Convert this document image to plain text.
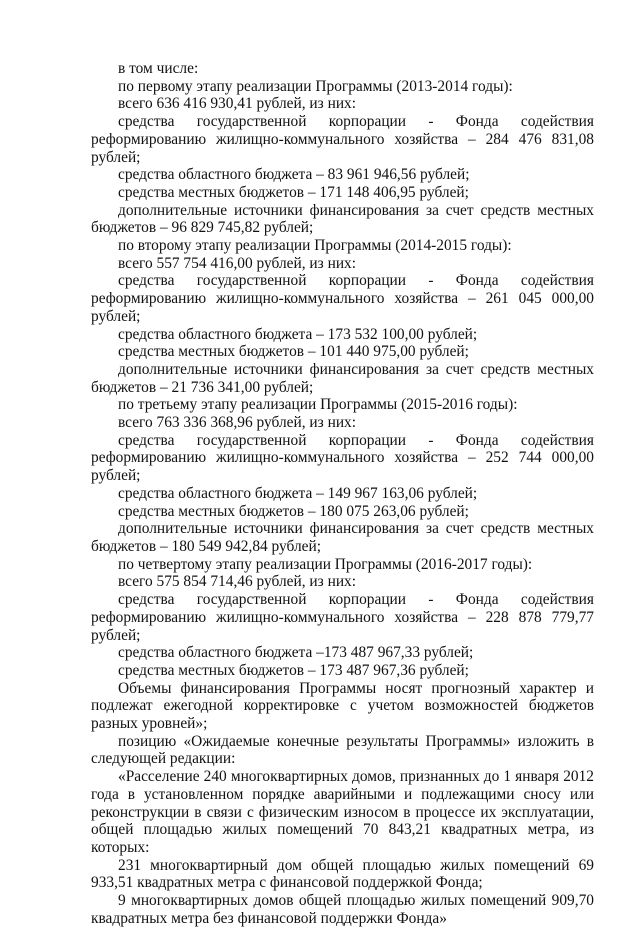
в том числе:

по первому этапу реализации Программы (2013-2014 годы):

всего 636 416 930,41 рублей, из них:

средства государственной корпорации - Фонда содействия реформированию жилищно-коммунального хозяйства – 284 476 831,08 рублей;

средства областного бюджета – 83 961 946,56 рублей;

средства местных бюджетов – 171 148 406,95 рублей;

дополнительные источники финансирования за счет средств местных бюджетов – 96 829 745,82 рублей;

по второму этапу реализации Программы (2014-2015 годы):

всего 557 754 416,00 рублей, из них:

средства государственной корпорации - Фонда содействия реформированию жилищно-коммунального хозяйства – 261 045 000,00 рублей;

средства областного бюджета – 173 532 100,00 рублей;

средства местных бюджетов – 101 440 975,00 рублей;

дополнительные источники финансирования за счет средств местных бюджетов – 21 736 341,00 рублей;

по третьему этапу реализации Программы (2015-2016 годы):

всего 763 336 368,96 рублей, из них:

средства государственной корпорации - Фонда содействия реформированию жилищно-коммунального хозяйства – 252 744 000,00 рублей;

средства областного бюджета – 149 967 163,06 рублей;

средства местных бюджетов – 180 075 263,06 рублей;

дополнительные источники финансирования за счет средств местных бюджетов – 180 549 942,84 рублей;

по четвертому этапу реализации Программы (2016-2017 годы):

всего 575 854 714,46 рублей, из них:

средства государственной корпорации - Фонда содействия реформированию жилищно-коммунального хозяйства – 228 878 779,77 рублей;

средства областного бюджета –173 487 967,33 рублей;

средства местных бюджетов – 173 487 967,36 рублей;

Объемы финансирования Программы носят прогнозный характер и подлежат ежегодной корректировке с учетом возможностей бюджетов разных уровней»;

позицию «Ожидаемые конечные результаты Программы» изложить в следующей редакции:

«Расселение 240 многоквартирных домов, признанных до 1 января 2012 года в установленном порядке аварийными и подлежащими сносу или реконструкции в связи с физическим износом в процессе их эксплуатации, общей площадью жилых помещений 70 843,21 квадратных метра, из которых:

231 многоквартирный дом общей площадью жилых помещений 69 933,51 квадратных метра с финансовой поддержкой Фонда;

9 многоквартирных домов общей площадью жилых помещений 909,70 квадратных метра без финансовой поддержки Фонда»
